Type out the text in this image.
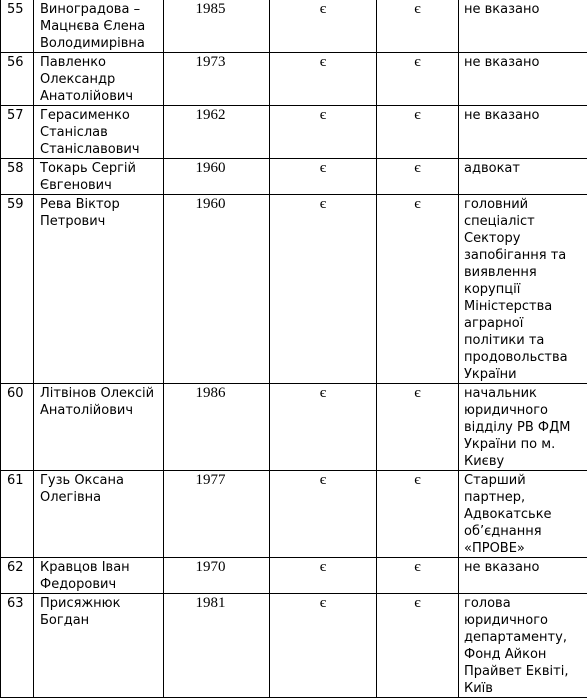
55	Виноградова – Мацнєва Єлена Володимирівна	1985	є	є	не вказано
56	Павленко Олександр Анатолійович	1973	є	є	не вказано
57	Герасименко Станіслав Станіславович	1962	є	є	не вказано
58	Токарь Сергій Євгенович	1960	є	є	адвокат
59	Рева Віктор Петрович	1960	є	є	головний спеціаліст Сектору запобігання та виявлення корупції Міністерства аграрної політики та продовольства України
60	Літвінов Олексій Анатолійович	1986	є	є	начальник юридичного відділу РВ ФДМ України по м. Києву
61	Гузь Оксана Олегівна	1977	є	є	Старший партнер, Адвокатське об’єднання «ПРОВЕ»
62	Кравцов Іван Федорович	1970	є	є	не вказано
63	Присяжнюк Богдан	1981	є	є	голова юридичного департаменту, Фонд Айкон Прайвет Еквіті, Київ
